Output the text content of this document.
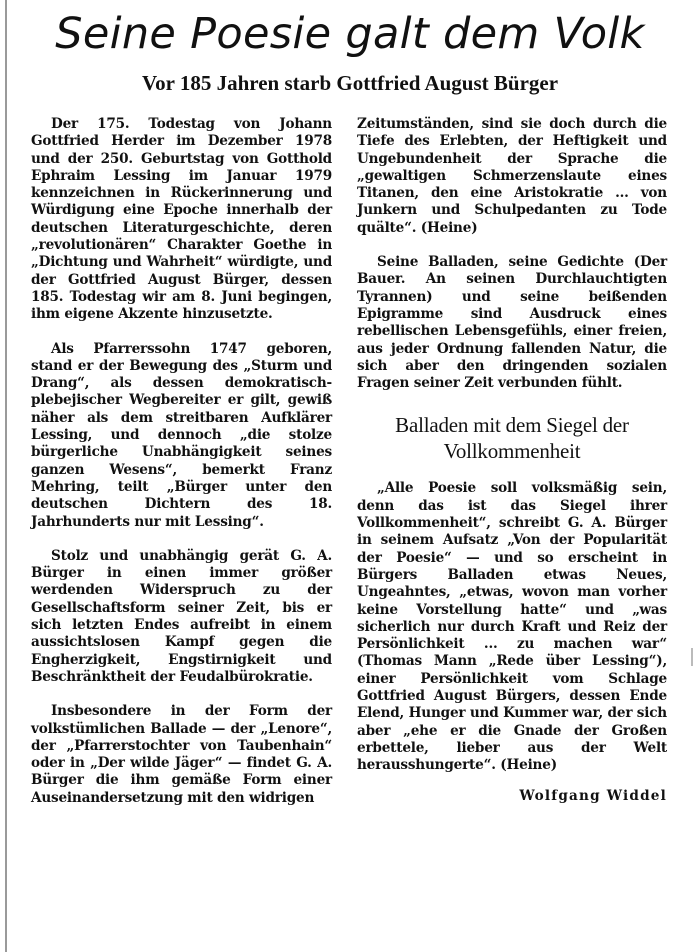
Seine Poesie galt dem Volk
Vor 185 Jahren starb Gottfried August Bürger

Der 175. Todestag von Johann Gottfried Herder im Dezember 1978 und der 250. Geburtstag von Gotthold Ephraim Lessing im Januar 1979 kennzeichnen in Rückerinnerung und Würdigung eine Epoche innerhalb der deutschen Literaturgeschichte, deren „revolutionären“ Charakter Goethe in „Dichtung und Wahrheit“ würdigte, und der Gottfried August Bürger, dessen 185. Todestag wir am 8. Juni begingen, ihm eigene Akzente hinzusetzte.

Als Pfarrerssohn 1747 geboren, stand er der Bewegung des „Sturm und Drang“, als dessen demokratisch-plebejischer Wegbereiter er gilt, gewiß näher als dem streitbaren Aufklärer Lessing, und dennoch „die stolze bürgerliche Unabhängigkeit seines ganzen Wesens“, bemerkt Franz Mehring, teilt „Bürger unter den deutschen Dichtern des 18. Jahrhunderts nur mit Lessing“.

Stolz und unabhängig gerät G. A. Bürger in einen immer größer werdenden Widerspruch zu der Gesellschaftsform seiner Zeit, bis er sich letzten Endes aufreibt in einem aussichtslosen Kampf gegen die Engherzigkeit, Engstirnigkeit und Beschränktheit der Feudalbürokratie.

Insbesondere in der Form der volkstümlichen Ballade — der „Lenore“, der „Pfarrerstochter von Taubenhain“ oder in „Der wilde Jäger“ — findet G. A. Bürger die ihm gemäße Form einer Auseinandersetzung mit den widrigen

Zeitumständen, sind sie doch durch die Tiefe des Erlebten, der Heftigkeit und Ungebundenheit der Sprache die „gewaltigen Schmerzenslaute eines Titanen, den eine Aristokratie ... von Junkern und Schulpedanten zu Tode quälte“. (Heine)

Seine Balladen, seine Gedichte (Der Bauer. An seinen Durchlauchtigten Tyrannen) und seine beißenden Epigramme sind Ausdruck eines rebellischen Lebensgefühls, einer freien, aus jeder Ordnung fallenden Natur, die sich aber den dringenden sozialen Fragen seiner Zeit verbunden fühlt.

Balladen mit dem Siegel der Vollkommenheit

„Alle Poesie soll volksmäßig sein, denn das ist das Siegel ihrer Vollkommenheit“, schreibt G. A. Bürger in seinem Aufsatz „Von der Popularität der Poesie“ — und so erscheint in Bürgers Balladen etwas Neues, Ungeahntes, „etwas, wovon man vorher keine Vorstellung hatte“ und „was sicherlich nur durch Kraft und Reiz der Persönlichkeit ... zu machen war“ (Thomas Mann „Rede über Lessing“), einer Persönlichkeit vom Schlage Gottfried August Bürgers, dessen Ende Elend, Hunger und Kummer war, der sich aber „ehe er die Gnade der Großen erbettele, lieber aus der Welt herausshungerte“. (Heine)

Wolfgang Widdel
